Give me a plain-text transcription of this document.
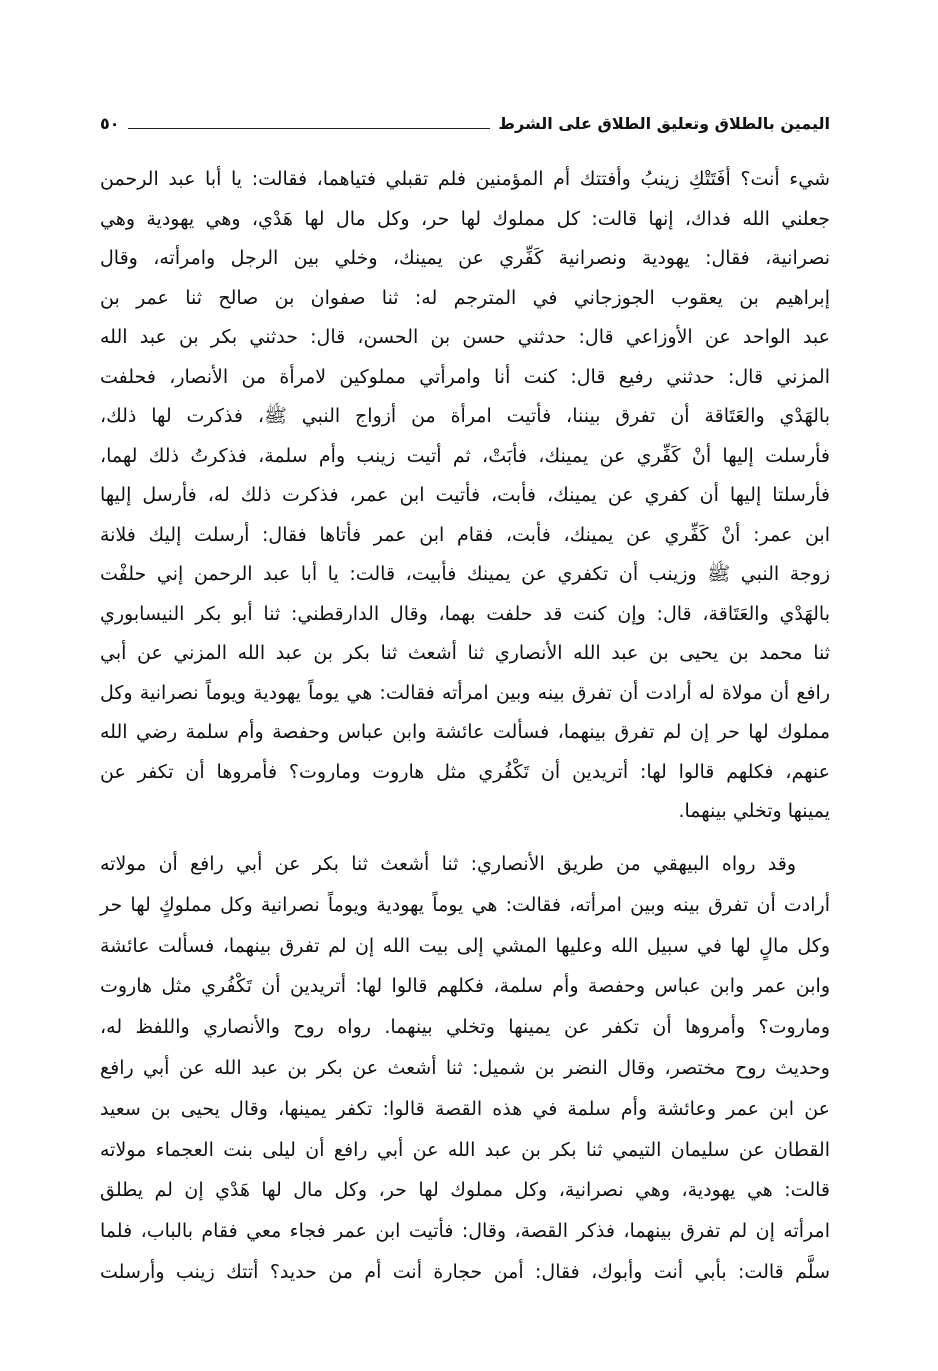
اليمين بالطلاق وتعليق الطلاق على الشرط
٥٠
شيء أنت؟ أفَتَتْكِ زينبُ وأفتتك أم المؤمنين فلم تقبلي فتياهما، فقالت: يا أبا عبد الرحمن
جعلني الله فداك، إنها قالت: كل مملوك لها حر، وكل مال لها هَدْي، وهي يهودية وهي
نصرانية، فقال: يهودية ونصرانية كَفِّري عن يمينك، وخلي بين الرجل وامرأته، وقال
إبراهيم بن يعقوب الجوزجاني في المترجم له: ثنا صفوان بن صالح ثنا عمر بن
عبد الواحد عن الأوزاعي قال: حدثني حسن بن الحسن، قال: حدثني بكر بن عبد الله
المزني قال: حدثني رفيع قال: كنت أنا وامرأتي مملوكين لامرأة من الأنصار، فحلفت
بالهَدْي والعَتَاقة أن تفرق بيننا، فأتيت امرأة من أزواج النبي ﷺ، فذكرت لها ذلك،
فأرسلت إليها أنْ كَفِّري عن يمينك، فأبَتْ، ثم أتيت زينب وأم سلمة، فذكرتُ ذلك لهما،
فأرسلتا إليها أن كفري عن يمينك، فأبت، فأتيت ابن عمر، فذكرت ذلك له، فأرسل إليها
ابن عمر: أنْ كَفِّري عن يمينك، فأبت، فقام ابن عمر فأتاها فقال: أرسلت إليك فلانة
زوجة النبي ﷺ وزينب أن تكفري عن يمينك فأبيت، قالت: يا أبا عبد الرحمن إني حلفْت
بالهَدْي والعَتَاقة، قال: وإن كنت قد حلفت بهما، وقال الدارقطني: ثنا أبو بكر النيسابوري
ثنا محمد بن يحيى بن عبد الله الأنصاري ثنا أشعث ثنا بكر بن عبد الله المزني عن أبي
رافع أن مولاة له أرادت أن تفرق بينه وبين امرأته فقالت: هي يوماً يهودية ويوماً نصرانية وكل
مملوك لها حر إن لم تفرق بينهما، فسألت عائشة وابن عباس وحفصة وأم سلمة رضي الله
عنهم، فكلهم قالوا لها: أتريدين أن تَكْفُري مثل هاروت وماروت؟ فأمروها أن تكفر عن
يمينها وتخلي بينهما.
وقد رواه البيهقي من طريق الأنصاري: ثنا أشعث ثنا بكر عن أبي رافع أن مولاته
أرادت أن تفرق بينه وبين امرأته، فقالت: هي يوماً يهودية ويوماً نصرانية وكل مملوكٍ لها حر
وكل مالٍ لها في سبيل الله وعليها المشي إلى بيت الله إن لم تفرق بينهما، فسألت عائشة
وابن عمر وابن عباس وحفصة وأم سلمة، فكلهم قالوا لها: أتريدين أن تَكْفُري مثل هاروت
وماروت؟ وأمروها أن تكفر عن يمينها وتخلي بينهما. رواه روح والأنصاري واللفظ له،
وحديث روح مختصر، وقال النضر بن شميل: ثنا أشعث عن بكر بن عبد الله عن أبي رافع
عن ابن عمر وعائشة وأم سلمة في هذه القصة قالوا: تكفر يمينها، وقال يحيى بن سعيد
القطان عن سليمان التيمي ثنا بكر بن عبد الله عن أبي رافع أن ليلى بنت العجماء مولاته
قالت: هي يهودية، وهي نصرانية، وكل مملوك لها حر، وكل مال لها هَدْي إن لم يطلق
امرأته إن لم تفرق بينهما، فذكر القصة، وقال: فأتيت ابن عمر فجاء معي فقام بالباب، فلما
سلَّم قالت: بأبي أنت وأبوك، فقال: أمن حجارة أنت أم من حديد؟ أتتك زينب وأرسلت
